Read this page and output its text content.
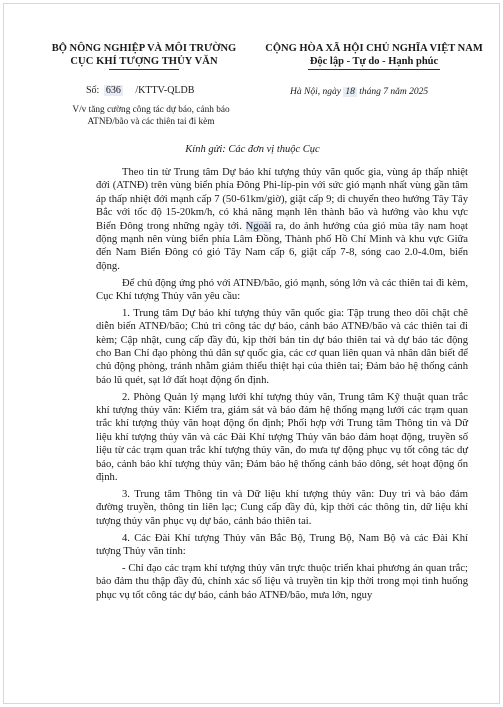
BỘ NÔNG NGHIỆP VÀ MÔI TRƯỜNG
CỤC KHÍ TƯỢNG THỦY VĂN
CỘNG HÒA XÃ HỘI CHỦ NGHĨA VIỆT NAM
Độc lập - Tự do - Hạnh phúc
Số: 636 /KTTV-QLDB
V/v tăng cường công tác dự báo, cảnh báo
ATNĐ/bão và các thiên tai đi kèm
Hà Nội, ngày 18 tháng 7 năm 2025
Kính gửi: Các đơn vị thuộc Cục

Theo tin từ Trung tâm Dự báo khí tượng thủy văn quốc gia, vùng áp thấp nhiệt đới (ATNĐ) trên vùng biển phía Đông Phi-líp-pin với sức gió mạnh nhất vùng gần tâm áp thấp nhiệt đới mạnh cấp 7 (50-61km/giờ), giật cấp 9; di chuyển theo hướng Tây Tây Bắc với tốc độ 15-20km/h, có khả năng mạnh lên thành bão và hướng vào khu vực Biển Đông trong những ngày tới. Ngoài ra, do ảnh hưởng của gió mùa tây nam hoạt động mạnh nên vùng biển phía Lâm Đồng, Thành phố Hồ Chí Minh và khu vực Giữa đến Nam Biển Đông có gió Tây Nam cấp 6, giật cấp 7-8, sóng cao 2.0-4.0m, biển động.

Để chủ động ứng phó với ATNĐ/bão, gió mạnh, sóng lớn và các thiên tai đi kèm, Cục Khí tượng Thủy văn yêu cầu:

1. Trung tâm Dự báo khí tượng thủy văn quốc gia: Tập trung theo dõi chặt chẽ diễn biến ATNĐ/bão; Chủ trì công tác dự báo, cảnh báo ATNĐ/bão và các thiên tai đi kèm; Cập nhật, cung cấp đầy đủ, kịp thời bản tin dự báo thiên tai và dự báo tác động cho Ban Chỉ đạo phòng thủ dân sự quốc gia, các cơ quan liên quan và nhân dân biết để chủ động phòng, tránh nhằm giảm thiểu thiệt hại của thiên tai; Đảm bảo hệ thống cảnh báo lũ quét, sạt lở đất hoạt động ổn định.

2. Phòng Quản lý mạng lưới khí tượng thủy văn, Trung tâm Kỹ thuật quan trắc khí tượng thủy văn: Kiểm tra, giám sát và bảo đảm hệ thống mạng lưới các trạm quan trắc khí tượng thủy văn hoạt động ổn định; Phối hợp với Trung tâm Thông tin và Dữ liệu khí tượng thủy văn và các Đài Khí tượng Thủy văn bảo đảm hoạt động, truyền số liệu từ các trạm quan trắc khí tượng thủy văn, đo mưa tự động phục vụ tốt công tác dự báo, cảnh báo khí tượng thủy văn; Đảm bảo hệ thống cảnh báo dông, sét hoạt động ổn định.

3. Trung tâm Thông tin và Dữ liệu khí tượng thủy văn: Duy trì và bảo đảm đường truyền, thông tin liên lạc; Cung cấp đầy đủ, kịp thời các thông tin, dữ liệu khí tượng thủy văn phục vụ dự báo, cảnh báo thiên tai.

4. Các Đài Khí tượng Thủy văn Bắc Bộ, Trung Bộ, Nam Bộ và các Đài Khí tượng Thủy văn tỉnh:

- Chỉ đạo các trạm khí tượng thủy văn trực thuộc triển khai phương án quan trắc; bảo đảm thu thập đầy đủ, chính xác số liệu và truyền tin kịp thời trong mọi tình huống phục vụ tốt công tác dự báo, cảnh báo ATNĐ/bão, mưa lớn, nguy
